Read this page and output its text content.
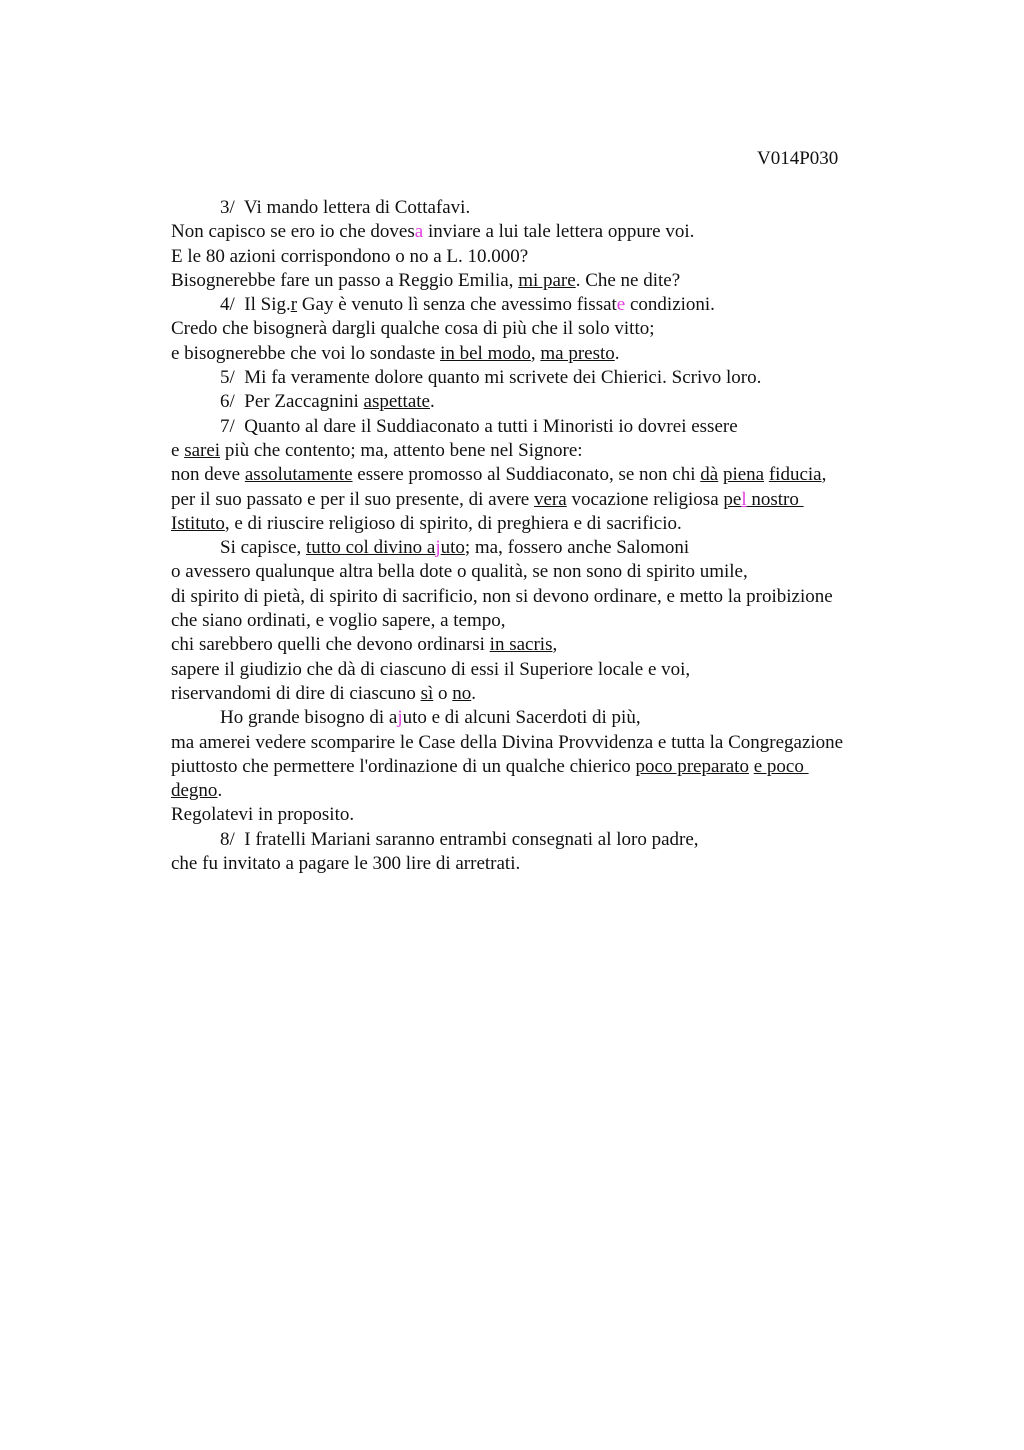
V014P030
3/  Vi mando lettera di Cottafavi.
Non capisco se ero io che dovesa inviare a lui tale lettera oppure voi.
E le 80 azioni corrispondono o no a L. 10.000?
Bisognerebbe fare un passo a Reggio Emilia, mi pare. Che ne dite?
4/  Il Sig.r Gay è venuto lì senza che avessimo fissate condizioni.
Credo che bisognerà dargli qualche cosa di più che il solo vitto;
e bisognerebbe che voi lo sondaste in bel modo, ma presto.
5/  Mi fa veramente dolore quanto mi scrivete dei Chierici. Scrivo loro.
6/  Per Zaccagnini aspettate.
7/  Quanto al dare il Suddiaconato a tutti i Minoristi io dovrei essere
e sarei più che contento; ma, attento bene nel Signore:
non deve assolutamente essere promosso al Suddiaconato, se non chi dà piena fiducia,
per il suo passato e per il suo presente, di avere vera vocazione religiosa pel nostro
Istituto, e di riuscire religioso di spirito, di preghiera e di sacrificio.
Si capisce, tutto col divino ajuto; ma, fossero anche Salomoni
o avessero qualunque altra bella dote o qualità, se non sono di spirito umile,
di spirito di pietà, di spirito di sacrificio, non si devono ordinare, e metto la proibizione
che siano ordinati, e voglio sapere, a tempo,
chi sarebbero quelli che devono ordinarsi in sacris,
sapere il giudizio che dà di ciascuno di essi il Superiore locale e voi,
riservandomi di dire di ciascuno sì o no.
Ho grande bisogno di ajuto e di alcuni Sacerdoti di più,
ma amerei vedere scomparire le Case della Divina Provvidenza e tutta la Congregazione
piuttosto che permettere l'ordinazione di un qualche chierico poco preparato e poco
degno.
Regolatevi in proposito.
8/  I fratelli Mariani saranno entrambi consegnati al loro padre,
che fu invitato a pagare le 300 lire di arretrati.
